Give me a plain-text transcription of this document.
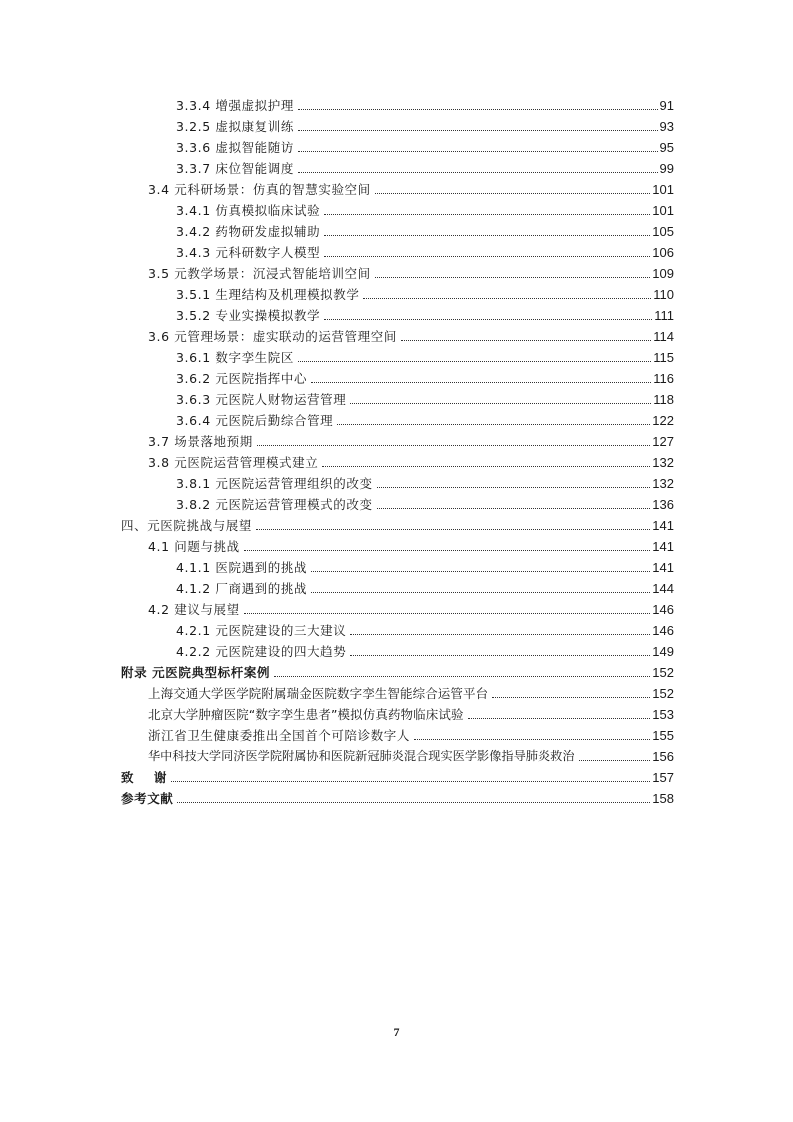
3.3.4 增强虚拟护理	91
3.2.5 虚拟康复训练	93
3.3.6 虚拟智能随访	95
3.3.7 床位智能调度	99
3.4 元科研场景：仿真的智慧实验空间	101
3.4.1 仿真模拟临床试验	101
3.4.2 药物研发虚拟辅助	105
3.4.3 元科研数字人模型	106
3.5 元教学场景：沉浸式智能培训空间	109
3.5.1 生理结构及机理模拟教学	110
3.5.2 专业实操模拟教学	111
3.6 元管理场景：虚实联动的运营管理空间	114
3.6.1 数字孪生院区	115
3.6.2 元医院指挥中心	116
3.6.3 元医院人财物运营管理	118
3.6.4 元医院后勤综合管理	122
3.7 场景落地预期	127
3.8 元医院运营管理模式建立	132
3.8.1 元医院运营管理组织的改变	132
3.8.2 元医院运营管理模式的改变	136
四、元医院挑战与展望	141
4.1 问题与挑战	141
4.1.1 医院遇到的挑战	141
4.1.2 厂商遇到的挑战	144
4.2 建议与展望	146
4.2.1 元医院建设的三大建议	146
4.2.2 元医院建设的四大趋势	149
附录 元医院典型标杆案例	152
上海交通大学医学院附属瑞金医院数字孪生智能综合运管平台	152
北京大学肿瘤医院“数字孪生患者”模拟仿真药物临床试验	153
浙江省卫生健康委推出全国首个可陪诊数字人	155
华中科技大学同济医学院附属协和医院新冠肺炎混合现实医学影像指导肺炎救治	156
致    谢	157
参考文献	158
7
